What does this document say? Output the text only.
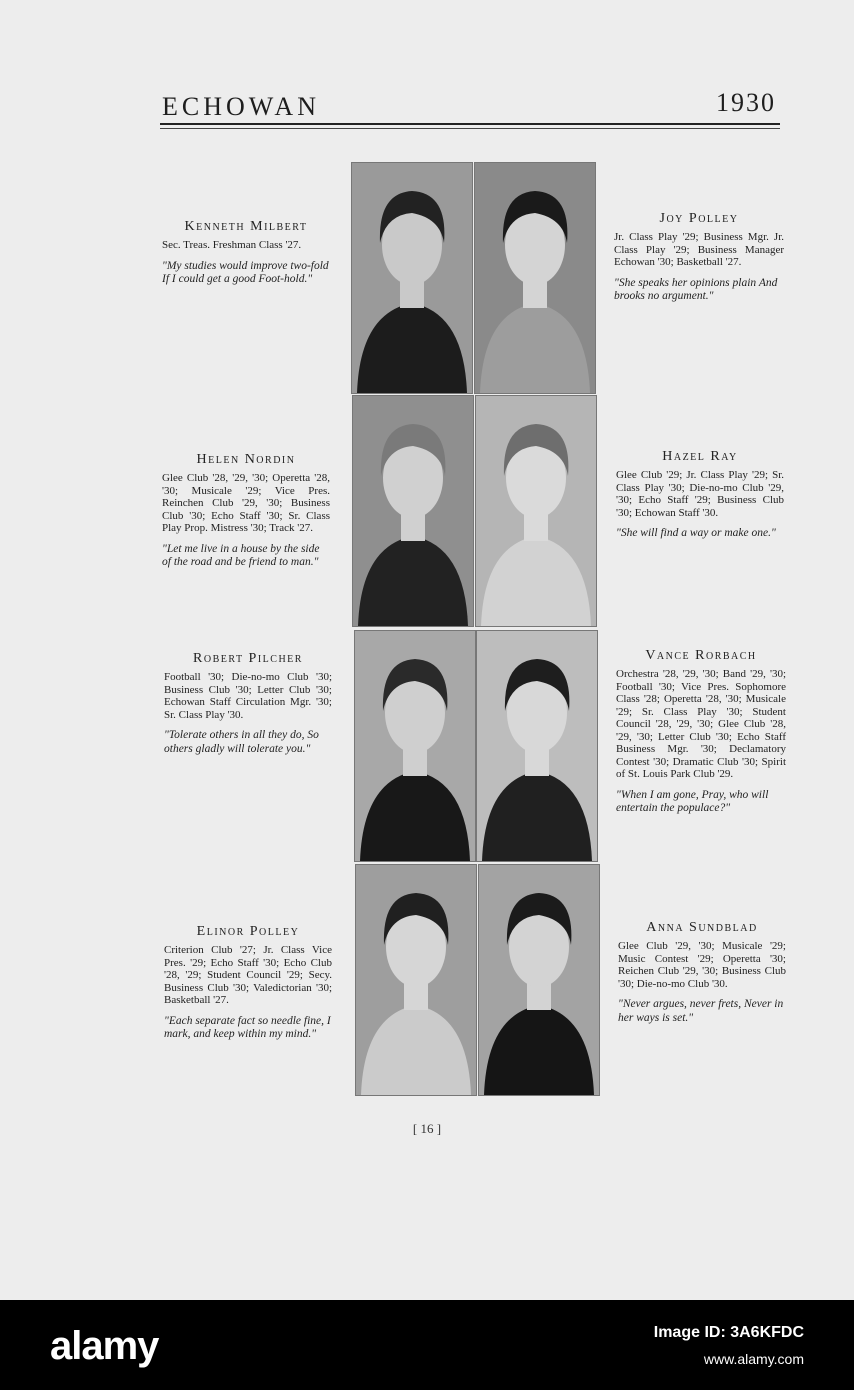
ECHOWAN	1930
Kenneth Milbert
Sec. Treas. Freshman Class '27.
"My studies would improve two-fold If I could get a good Foot-hold."
Joy Polley
Jr. Class Play '29; Business Mgr. Jr. Class Play '29; Business Manager Echowan '30; Basketball '27.
"She speaks her opinions plain And brooks no argument."
Helen Nordin
Glee Club '28, '29, '30; Operetta '28, '30; Musicale '29; Vice Pres. Reinchen Club '29, '30; Business Club '30; Echo Staff '30; Sr. Class Play Prop. Mistress '30; Track '27.
"Let me live in a house by the side of the road and be friend to man."
Hazel Ray
Glee Club '29; Jr. Class Play '29; Sr. Class Play '30; Die-no-mo Club '29, '30; Echo Staff '29; Business Club '30; Echowan Staff '30.
"She will find a way or make one."
Robert Pilcher
Football '30; Die-no-mo Club '30; Business Club '30; Letter Club '30; Echowan Staff Circulation Mgr. '30; Sr. Class Play '30.
"Tolerate others in all they do, So others gladly will tolerate you."
Vance Rorbach
Orchestra '28, '29, '30; Band '29, '30; Football '30; Vice Pres. Sophomore Class '28; Operetta '28, '30; Musicale '29; Sr. Class Play '30; Student Council '28, '29, '30; Glee Club '28, '29, '30; Letter Club '30; Echo Staff Business Mgr. '30; Declamatory Contest '30; Dramatic Club '30; Spirit of St. Louis Park Club '29.
"When I am gone, Pray, who will entertain the populace?"
Elinor Polley
Criterion Club '27; Jr. Class Vice Pres. '29; Echo Staff '30; Echo Club '28, '29; Student Council '29; Secy. Business Club '30; Valedictorian '30; Basketball '27.
"Each separate fact so needle fine, I mark, and keep within my mind."
Anna Sundblad
Glee Club '29, '30; Musicale '29; Music Contest '29; Operetta '30; Reichen Club '29, '30; Business Club '30; Die-no-mo Club '30.
"Never argues, never frets, Never in her ways is set."
[ 16 ]
alamy	Image ID: 3A6KFDC
www.alamy.com
